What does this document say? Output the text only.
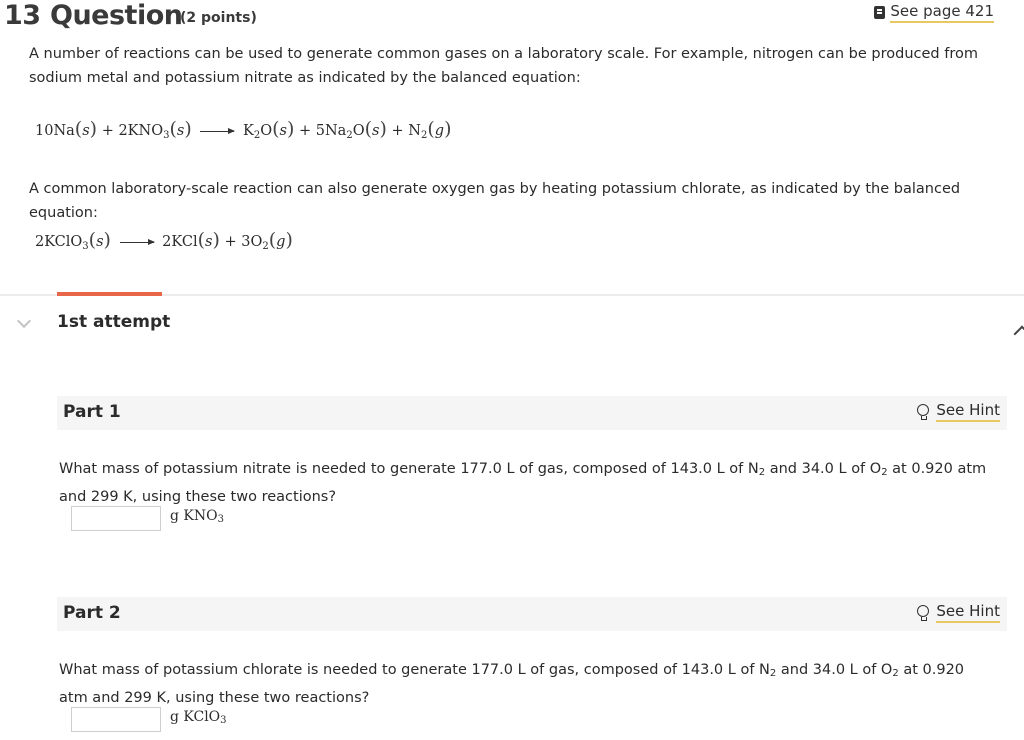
13 Question
(2 points)	See page 421

A number of reactions can be used to generate common gases on a laboratory scale. For example, nitrogen can be produced from sodium metal and potassium nitrate as indicated by the balanced equation:

$10Na(s) + 2KNO_3(s) \to K_2O(s) + 5Na_2O(s) + N_2(g)$

A common laboratory-scale reaction can also generate oxygen gas by heating potassium chlorate, as indicated by the balanced equation:

2KClO$_3$(s) → $2KCl(s) + 3O_2(g)$
1st attempt
Part 1	See Hint

What mass of potassium nitrate is needed to generate 177.0 L of gas, composed of 143.0 L of $N_2$ and 34.0 L of $O_2$ at 0.920 atm and 299 K, using these two reactions?

g $KNO_3$
Part 2	See Hint

What mass of potassium chlorate is needed to generate 177.0 L of gas, composed of 143.0 L of $N_2$ and 34.0 L of $O_2$ at 0.920 atm and 299 K, using these two reactions?

g KClO$_3$
